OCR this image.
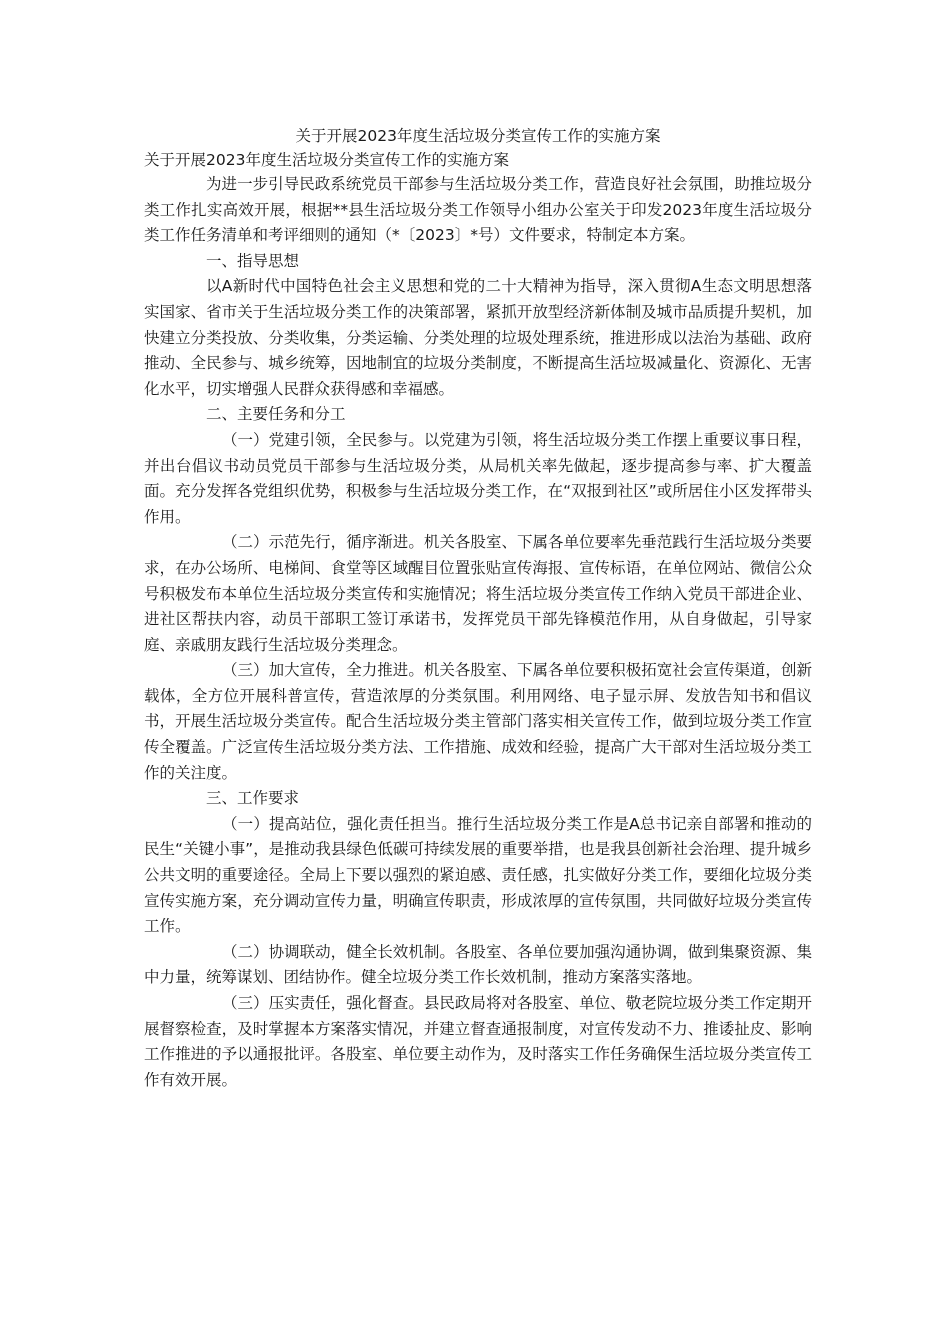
关于开展2023年度生活垃圾分类宣传工作的实施方案

关于开展2023年度生活垃圾分类宣传工作的实施方案

为进一步引导民政系统党员干部参与生活垃圾分类工作，营造良好社会氛围，助推垃圾分类工作扎实高效开展，根据**县生活垃圾分类工作领导小组办公室关于印发2023年度生活垃圾分类工作任务清单和考评细则的通知（*〔2023〕*号）文件要求，特制定本方案。

一、指导思想

以A新时代中国特色社会主义思想和党的二十大精神为指导，深入贯彻A生态文明思想落实国家、省市关于生活垃圾分类工作的决策部署，紧抓开放型经济新体制及城市品质提升契机，加快建立分类投放、分类收集，分类运输、分类处理的垃圾处理系统，推进形成以法治为基础、政府推动、全民参与、城乡统筹，因地制宜的垃圾分类制度，不断提高生活垃圾减量化、资源化、无害化水平，切实增强人民群众获得感和幸福感。

二、主要任务和分工

（一）党建引领，全民参与。以党建为引领，将生活垃圾分类工作摆上重要议事日程，并出台倡议书动员党员干部参与生活垃圾分类，从局机关率先做起，逐步提高参与率、扩大覆盖面。充分发挥各党组织优势，积极参与生活垃圾分类工作，在“双报到社区”或所居住小区发挥带头作用。

（二）示范先行，循序渐进。机关各股室、下属各单位要率先垂范践行生活垃圾分类要求，在办公场所、电梯间、食堂等区域醒目位置张贴宣传海报、宣传标语，在单位网站、微信公众号积极发布本单位生活垃圾分类宣传和实施情况；将生活垃圾分类宣传工作纳入党员干部进企业、进社区帮扶内容，动员干部职工签订承诺书，发挥党员干部先锋模范作用，从自身做起，引导家庭、亲戚朋友践行生活垃圾分类理念。

（三）加大宣传，全力推进。机关各股室、下属各单位要积极拓宽社会宣传渠道，创新载体，全方位开展科普宣传，营造浓厚的分类氛围。利用网络、电子显示屏、发放告知书和倡议书，开展生活垃圾分类宣传。配合生活垃圾分类主管部门落实相关宣传工作，做到垃圾分类工作宣传全覆盖。广泛宣传生活垃圾分类方法、工作措施、成效和经验，提高广大干部对生活垃圾分类工作的关注度。

三、工作要求

（一）提高站位，强化责任担当。推行生活垃圾分类工作是A总书记亲自部署和推动的民生“关键小事”，是推动我县绿色低碳可持续发展的重要举措，也是我县创新社会治理、提升城乡公共文明的重要途径。全局上下要以强烈的紧迫感、责任感，扎实做好分类工作，要细化垃圾分类宣传实施方案，充分调动宣传力量，明确宣传职责，形成浓厚的宣传氛围，共同做好垃圾分类宣传工作。

（二）协调联动，健全长效机制。各股室、各单位要加强沟通协调，做到集聚资源、集中力量，统筹谋划、团结协作。健全垃圾分类工作长效机制，推动方案落实落地。

（三）压实责任，强化督查。县民政局将对各股室、单位、敬老院垃圾分类工作定期开展督察检查，及时掌握本方案落实情况，并建立督查通报制度，对宣传发动不力、推诿扯皮、影响工作推进的予以通报批评。各股室、单位要主动作为，及时落实工作任务确保生活垃圾分类宣传工作有效开展。
